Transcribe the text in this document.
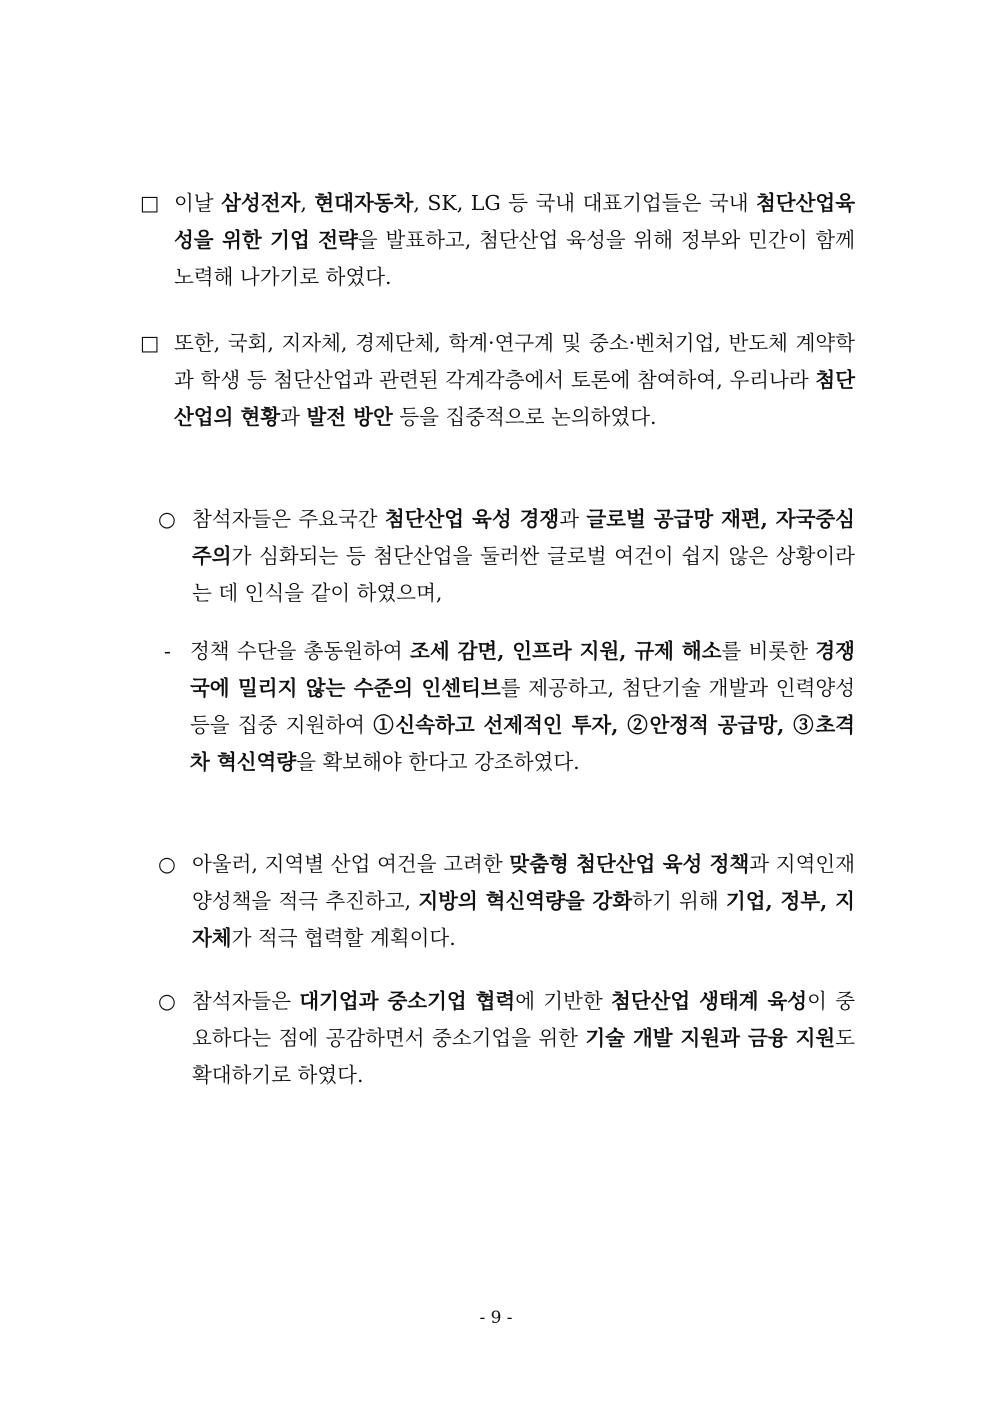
□ 이날 삼성전자, 현대자동차, SK, LG 등 국내 대표기업들은 국내 첨단산업육성을 위한 기업 전략을 발표하고, 첨단산업 육성을 위해 정부와 민간이 함께 노력해 나가기로 하였다.
□ 또한, 국회, 지자체, 경제단체, 학계·연구계 및 중소·벤처기업, 반도체 계약학과 학생 등 첨단산업과 관련된 각계각층에서 토론에 참여하여, 우리나라 첨단산업의 현황과 발전 방안 등을 집중적으로 논의하였다.
○ 참석자들은 주요국간 첨단산업 육성 경쟁과 글로벌 공급망 재편, 자국중심주의가 심화되는 등 첨단산업을 둘러싼 글로벌 여건이 쉽지 않은 상황이라는 데 인식을 같이 하였으며,
- 정책 수단을 총동원하여 조세 감면, 인프라 지원, 규제 해소를 비롯한 경쟁국에 밀리지 않는 수준의 인센티브를 제공하고, 첨단기술 개발과 인력양성 등을 집중 지원하여 ①신속하고 선제적인 투자, ②안정적 공급망, ③초격차 혁신역량을 확보해야 한다고 강조하였다.
○ 아울러, 지역별 산업 여건을 고려한 맞춤형 첨단산업 육성 정책과 지역인재 양성책을 적극 추진하고, 지방의 혁신역량을 강화하기 위해 기업, 정부, 지자체가 적극 협력할 계획이다.
○ 참석자들은 대기업과 중소기업 협력에 기반한 첨단산업 생태계 육성이 중요하다는 점에 공감하면서 중소기업을 위한 기술 개발 지원과 금융 지원도 확대하기로 하였다.
- 9 -
